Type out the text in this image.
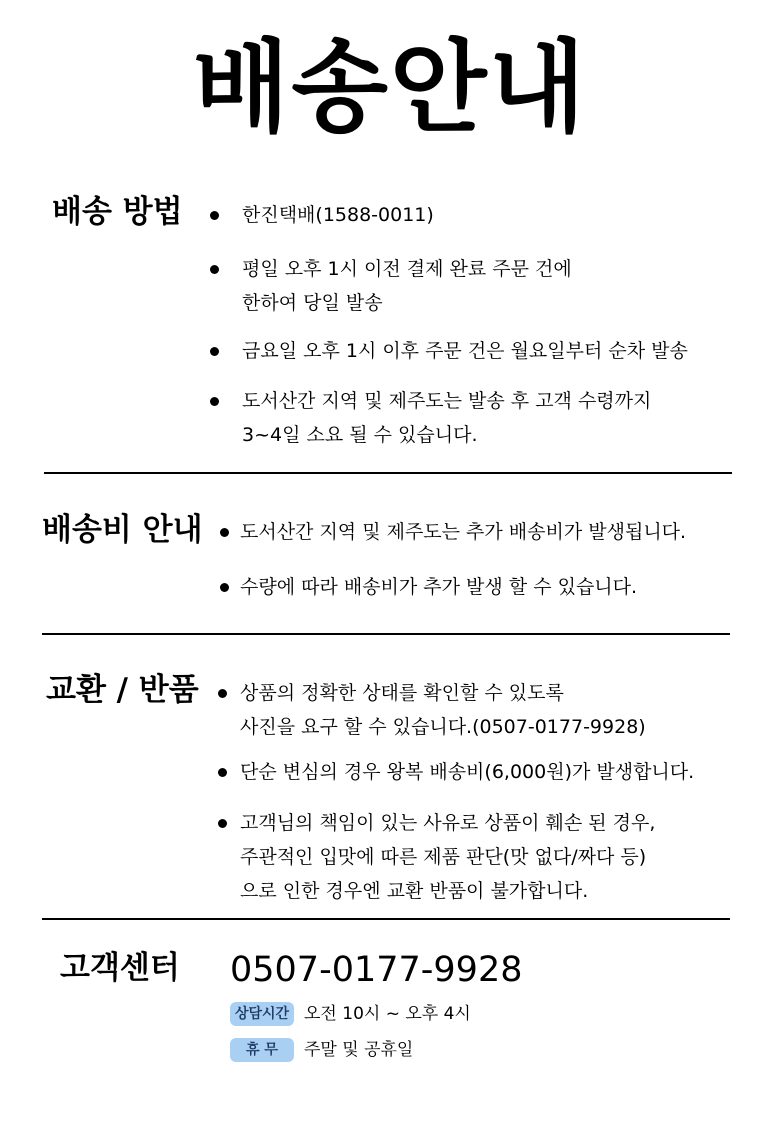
배송안내
배송 방법	한진택배(1588-0011)
평일 오후 1시 이전 결제 완료 주문 건에
한하여 당일 발송
금요일 오후 1시 이후 주문 건은 월요일부터 순차 발송
도서산간 지역 및 제주도는 발송 후 고객 수령까지
3~4일 소요 될 수 있습니다.
배송비 안내 도서산간 지역 및 제주도는 추가 배송비가 발생됩니다.
수량에 따라 배송비가 추가 발생 할 수 있습니다.
교환 / 반품 상품의 정확한 상태를 확인할 수 있도록
사진을 요구 할 수 있습니다.(0507-0177-9928)
단순 변심의 경우 왕복 배송비(6,000원)가 발생합니다.
고객님의 책임이 있는 사유로 상품이 훼손 된 경우,
주관적인 입맛에 따른 제품 판단(맛 없다/짜다 등)
으로 인한 경우엔 교환 반품이 불가합니다.
고객센터 0507-0177-9928
상담시간 오전 10시 ~ 오후 4시
휴 무	주말 및 공휴일
